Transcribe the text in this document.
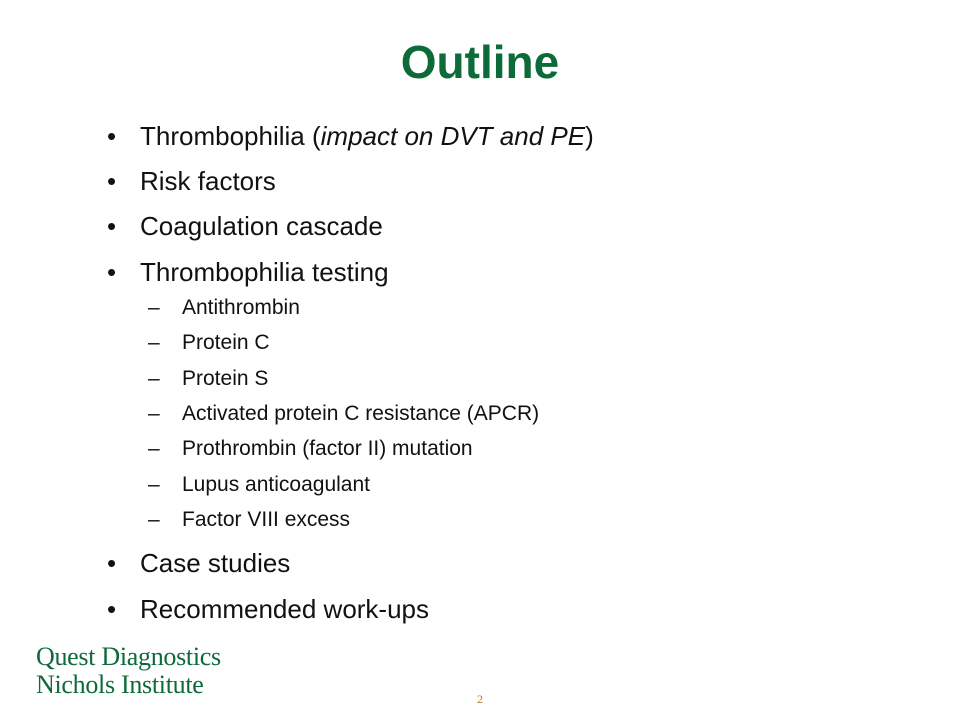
Outline
• Thrombophilia (impact on DVT and PE)
• Risk factors
• Coagulation cascade
• Thrombophilia testing
– Antithrombin
– Protein C
– Protein S
– Activated protein C resistance (APCR)
– Prothrombin (factor II) mutation
– Lupus anticoagulant
– Factor VIII excess
• Case studies
• Recommended work-ups
Quest Diagnostics
Nichols Institute	2
